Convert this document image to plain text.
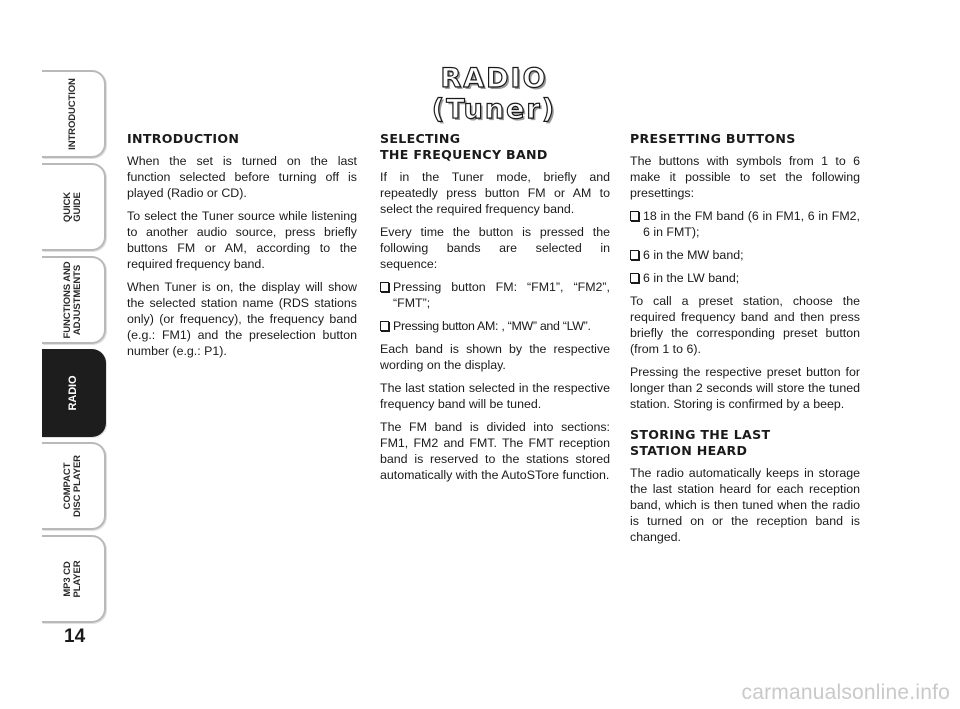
INTRODUCTION
QUICK
GUIDE
FUNCTIONS AND
ADJUSTMENTS
RADIO
COMPACT
DISC PLAYER
MP3 CD
PLAYER
14
RADIO (Tuner)
INTRODUCTION

When the set is turned on the last function selected before turning off is played (Radio or CD).

To select the Tuner source while listening to another audio source, press briefly buttons FM or AM, according to the required frequency band.

When Tuner is on, the display will show the selected station name (RDS stations only) (or frequency), the frequency band (e.g.: FM1) and the preselection button number (e.g.: P1).

SELECTING
THE FREQUENCY BAND

If in the Tuner mode, briefly and repeatedly press button FM or AM to select the required frequency band.

Every time the button is pressed the following bands are selected in sequence:

Pressing button FM: “FM1”, “FM2”, “FMT”;
Pressing button AM: , “MW” and “LW”.

Each band is shown by the respective wording on the display.

The last station selected in the respective frequency band will be tuned.

The FM band is divided into sections: FM1, FM2 and FMT. The FMT reception band is reserved to the stations stored automatically with the AutoSTore function.

PRESETTING BUTTONS

The buttons with symbols from 1 to 6 make it possible to set the following presettings:

18 in the FM band (6 in FM1, 6 in FM2, 6 in FMT);
6 in the MW band;
6 in the LW band;

To call a preset station, choose the required frequency band and then press briefly the corresponding preset button (from 1 to 6).

Pressing the respective preset button for longer than 2 seconds will store the tuned station. Storing is confirmed by a beep.

STORING THE LAST
STATION HEARD

The radio automatically keeps in storage the last station heard for each reception band, which is then tuned when the radio is turned on or the reception band is changed.

carmanualsonline.info
